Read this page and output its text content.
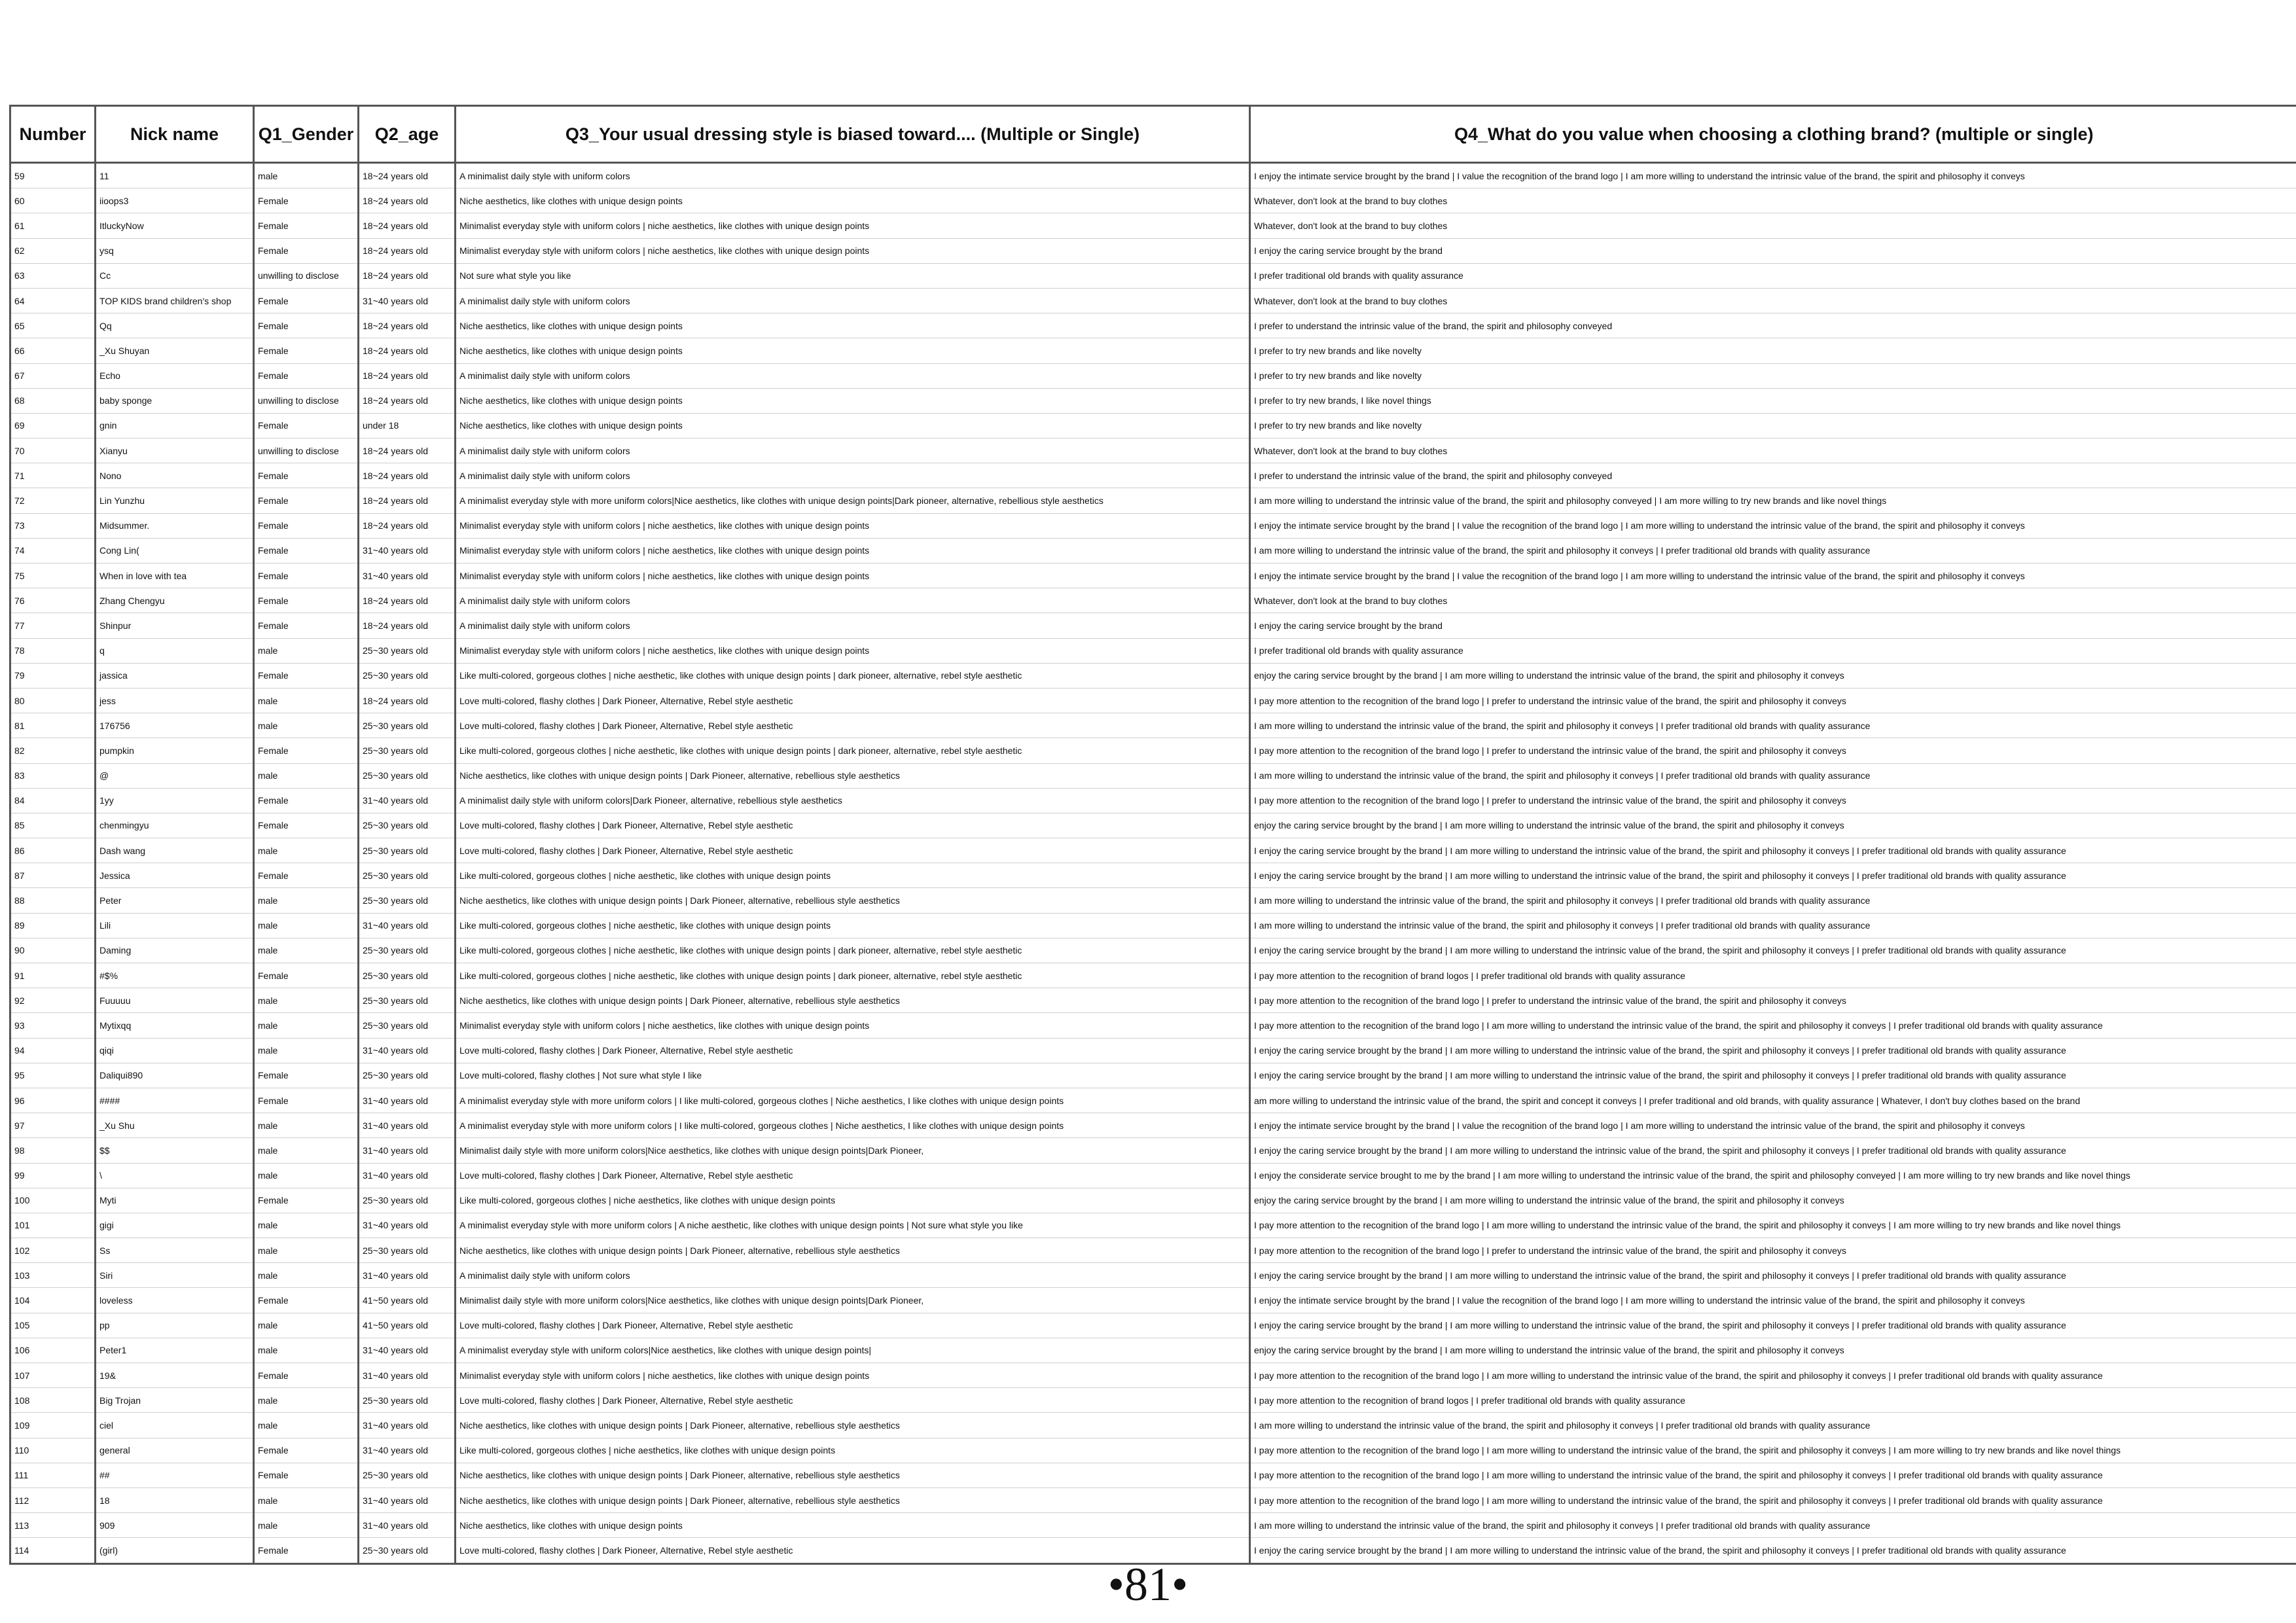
Number	Nick name	Q1_Gender	Q2_age	Q3_Your usual dressing style is biased toward.... (Multiple or Single)	Q4_What do you value when choosing a clothing brand? (multiple or single)
59	11	male	18~24 years old	A minimalist daily style with uniform colors	I enjoy the intimate service brought by the brand | I value the recognition of the brand logo | I am more willing to understand the intrinsic value of the brand, the spirit and philosophy it conveys
60	iioops3	Female	18~24 years old	Niche aesthetics, like clothes with unique design points	Whatever, don't look at the brand to buy clothes
61	ItluckyNow	Female	18~24 years old	Minimalist everyday style with uniform colors | niche aesthetics, like clothes with unique design points	Whatever, don't look at the brand to buy clothes
62	ysq	Female	18~24 years old	Minimalist everyday style with uniform colors | niche aesthetics, like clothes with unique design points	I enjoy the caring service brought by the brand
63	Cc	unwilling to disclose	18~24 years old	Not sure what style you like	I prefer traditional old brands with quality assurance
64	TOP KIDS brand children's shop	Female	31~40 years old	A minimalist daily style with uniform colors	Whatever, don't look at the brand to buy clothes
65	Qq	Female	18~24 years old	Niche aesthetics, like clothes with unique design points	I prefer to understand the intrinsic value of the brand, the spirit and philosophy conveyed
66	_Xu Shuyan	Female	18~24 years old	Niche aesthetics, like clothes with unique design points	I prefer to try new brands and like novelty
67	Echo	Female	18~24 years old	A minimalist daily style with uniform colors	I prefer to try new brands and like novelty
68	baby sponge	unwilling to disclose	18~24 years old	Niche aesthetics, like clothes with unique design points	I prefer to try new brands, I like novel things
69	gnin	Female	under 18	Niche aesthetics, like clothes with unique design points	I prefer to try new brands and like novelty
70	Xianyu	unwilling to disclose	18~24 years old	A minimalist daily style with uniform colors	Whatever, don't look at the brand to buy clothes
71	Nono	Female	18~24 years old	A minimalist daily style with uniform colors	I prefer to understand the intrinsic value of the brand, the spirit and philosophy conveyed
72	Lin Yunzhu	Female	18~24 years old	A minimalist everyday style with more uniform colors|Nice aesthetics, like clothes with unique design points|Dark pioneer, alternative, rebellious style aesthetics	I am more willing to understand the intrinsic value of the brand, the spirit and philosophy conveyed | I am more willing to try new brands and like novel things
73	Midsummer.	Female	18~24 years old	Minimalist everyday style with uniform colors | niche aesthetics, like clothes with unique design points	I enjoy the intimate service brought by the brand | I value the recognition of the brand logo | I am more willing to understand the intrinsic value of the brand, the spirit and philosophy it conveys
74	Cong Lin(	Female	31~40 years old	Minimalist everyday style with uniform colors | niche aesthetics, like clothes with unique design points	I am more willing to understand the intrinsic value of the brand, the spirit and philosophy it conveys | I prefer traditional old brands with quality assurance
75	When in love with tea	Female	31~40 years old	Minimalist everyday style with uniform colors | niche aesthetics, like clothes with unique design points	I enjoy the intimate service brought by the brand | I value the recognition of the brand logo | I am more willing to understand the intrinsic value of the brand, the spirit and philosophy it conveys
76	Zhang Chengyu	Female	18~24 years old	A minimalist daily style with uniform colors	Whatever, don't look at the brand to buy clothes
77	Shinpur	Female	18~24 years old	A minimalist daily style with uniform colors	I enjoy the caring service brought by the brand
78	q	male	25~30 years old	Minimalist everyday style with uniform colors | niche aesthetics, like clothes with unique design points	I prefer traditional old brands with quality assurance
79	jassica	Female	25~30 years old	Like multi-colored, gorgeous clothes | niche aesthetic, like clothes with unique design points | dark pioneer, alternative, rebel style aesthetic	enjoy the caring service brought by the brand | I am more willing to understand the intrinsic value of the brand, the spirit and philosophy it conveys
80	jess	male	18~24 years old	Love multi-colored, flashy clothes | Dark Pioneer, Alternative, Rebel style aesthetic	I pay more attention to the recognition of the brand logo | I prefer to understand the intrinsic value of the brand, the spirit and philosophy it conveys
81	176756	male	25~30 years old	Love multi-colored, flashy clothes | Dark Pioneer, Alternative, Rebel style aesthetic	I am more willing to understand the intrinsic value of the brand, the spirit and philosophy it conveys | I prefer traditional old brands with quality assurance
82	pumpkin	Female	25~30 years old	Like multi-colored, gorgeous clothes | niche aesthetic, like clothes with unique design points | dark pioneer, alternative, rebel style aesthetic	I pay more attention to the recognition of the brand logo | I prefer to understand the intrinsic value of the brand, the spirit and philosophy it conveys
83	@	male	25~30 years old	Niche aesthetics, like clothes with unique design points | Dark Pioneer, alternative, rebellious style aesthetics	I am more willing to understand the intrinsic value of the brand, the spirit and philosophy it conveys | I prefer traditional old brands with quality assurance
84	1yy	Female	31~40 years old	A minimalist daily style with uniform colors|Dark Pioneer, alternative, rebellious style aesthetics	I pay more attention to the recognition of the brand logo | I prefer to understand the intrinsic value of the brand, the spirit and philosophy it conveys
85	chenmingyu	Female	25~30 years old	Love multi-colored, flashy clothes | Dark Pioneer, Alternative, Rebel style aesthetic	enjoy the caring service brought by the brand | I am more willing to understand the intrinsic value of the brand, the spirit and philosophy it conveys
86	Dash wang	male	25~30 years old	Love multi-colored, flashy clothes | Dark Pioneer, Alternative, Rebel style aesthetic	I enjoy the caring service brought by the brand | I am more willing to understand the intrinsic value of the brand, the spirit and philosophy it conveys | I prefer traditional old brands with quality assurance
87	Jessica	Female	25~30 years old	Like multi-colored, gorgeous clothes | niche aesthetic, like clothes with unique design points	I enjoy the caring service brought by the brand | I am more willing to understand the intrinsic value of the brand, the spirit and philosophy it conveys | I prefer traditional old brands with quality assurance
88	Peter	male	25~30 years old	Niche aesthetics, like clothes with unique design points | Dark Pioneer, alternative, rebellious style aesthetics	I am more willing to understand the intrinsic value of the brand, the spirit and philosophy it conveys | I prefer traditional old brands with quality assurance
89	Lili	male	31~40 years old	Like multi-colored, gorgeous clothes | niche aesthetic, like clothes with unique design points	I am more willing to understand the intrinsic value of the brand, the spirit and philosophy it conveys | I prefer traditional old brands with quality assurance
90	Daming	male	25~30 years old	Like multi-colored, gorgeous clothes | niche aesthetic, like clothes with unique design points | dark pioneer, alternative, rebel style aesthetic	I enjoy the caring service brought by the brand | I am more willing to understand the intrinsic value of the brand, the spirit and philosophy it conveys | I prefer traditional old brands with quality assurance
91	#$%	Female	25~30 years old	Like multi-colored, gorgeous clothes | niche aesthetic, like clothes with unique design points | dark pioneer, alternative, rebel style aesthetic	I pay more attention to the recognition of brand logos | I prefer traditional old brands with quality assurance
92	Fuuuuu	male	25~30 years old	Niche aesthetics, like clothes with unique design points | Dark Pioneer, alternative, rebellious style aesthetics	I pay more attention to the recognition of the brand logo | I prefer to understand the intrinsic value of the brand, the spirit and philosophy it conveys
93	Mytixqq	male	25~30 years old	Minimalist everyday style with uniform colors | niche aesthetics, like clothes with unique design points	I pay more attention to the recognition of the brand logo | I am more willing to understand the intrinsic value of the brand, the spirit and philosophy it conveys | I prefer traditional old brands with quality assurance
94	qiqi	male	31~40 years old	Love multi-colored, flashy clothes | Dark Pioneer, Alternative, Rebel style aesthetic	I enjoy the caring service brought by the brand | I am more willing to understand the intrinsic value of the brand, the spirit and philosophy it conveys | I prefer traditional old brands with quality assurance
95	Daliqui890	Female	25~30 years old	Love multi-colored, flashy clothes | Not sure what style I like	I enjoy the caring service brought by the brand | I am more willing to understand the intrinsic value of the brand, the spirit and philosophy it conveys | I prefer traditional old brands with quality assurance
96	####	Female	31~40 years old	A minimalist everyday style with more uniform colors | I like multi-colored, gorgeous clothes | Niche aesthetics, I like clothes with unique design points	am more willing to understand the intrinsic value of the brand, the spirit and concept it conveys | I prefer traditional and old brands, with quality assurance | Whatever, I don't buy clothes based on the brand
97	_Xu Shu	male	31~40 years old	A minimalist everyday style with more uniform colors | I like multi-colored, gorgeous clothes | Niche aesthetics, I like clothes with unique design points	I enjoy the intimate service brought by the brand | I value the recognition of the brand logo | I am more willing to understand the intrinsic value of the brand, the spirit and philosophy it conveys
98	$$	male	31~40 years old	Minimalist daily style with more uniform colors|Nice aesthetics, like clothes with unique design points|Dark Pioneer,	I enjoy the caring service brought by the brand | I am more willing to understand the intrinsic value of the brand, the spirit and philosophy it conveys | I prefer traditional old brands with quality assurance
99	\	male	31~40 years old	Love multi-colored, flashy clothes | Dark Pioneer, Alternative, Rebel style aesthetic	I enjoy the considerate service brought to me by the brand | I am more willing to understand the intrinsic value of the brand, the spirit and philosophy conveyed | I am more willing to try new brands and like novel things
100	Myti	Female	25~30 years old	Like multi-colored, gorgeous clothes | niche aesthetics, like clothes with unique design points	enjoy the caring service brought by the brand | I am more willing to understand the intrinsic value of the brand, the spirit and philosophy it conveys
101	gigi	male	31~40 years old	A minimalist everyday style with more uniform colors | A niche aesthetic, like clothes with unique design points | Not sure what style you like	I pay more attention to the recognition of the brand logo | I am more willing to understand the intrinsic value of the brand, the spirit and philosophy it conveys | I am more willing to try new brands and like novel things
102	Ss	male	25~30 years old	Niche aesthetics, like clothes with unique design points | Dark Pioneer, alternative, rebellious style aesthetics	I pay more attention to the recognition of the brand logo | I prefer to understand the intrinsic value of the brand, the spirit and philosophy it conveys
103	Siri	male	31~40 years old	A minimalist daily style with uniform colors	I enjoy the caring service brought by the brand | I am more willing to understand the intrinsic value of the brand, the spirit and philosophy it conveys | I prefer traditional old brands with quality assurance
104	loveless	Female	41~50 years old	Minimalist daily style with more uniform colors|Nice aesthetics, like clothes with unique design points|Dark Pioneer,	I enjoy the intimate service brought by the brand | I value the recognition of the brand logo | I am more willing to understand the intrinsic value of the brand, the spirit and philosophy it conveys
105	pp	male	41~50 years old	Love multi-colored, flashy clothes | Dark Pioneer, Alternative, Rebel style aesthetic	I enjoy the caring service brought by the brand | I am more willing to understand the intrinsic value of the brand, the spirit and philosophy it conveys | I prefer traditional old brands with quality assurance
106	Peter1	male	31~40 years old	A minimalist everyday style with uniform colors|Nice aesthetics, like clothes with unique design points|	enjoy the caring service brought by the brand | I am more willing to understand the intrinsic value of the brand, the spirit and philosophy it conveys
107	19&	Female	31~40 years old	Minimalist everyday style with uniform colors | niche aesthetics, like clothes with unique design points	I pay more attention to the recognition of the brand logo | I am more willing to understand the intrinsic value of the brand, the spirit and philosophy it conveys | I prefer traditional old brands with quality assurance
108	Big Trojan	male	25~30 years old	Love multi-colored, flashy clothes | Dark Pioneer, Alternative, Rebel style aesthetic	I pay more attention to the recognition of brand logos | I prefer traditional old brands with quality assurance
109	ciel	male	31~40 years old	Niche aesthetics, like clothes with unique design points | Dark Pioneer, alternative, rebellious style aesthetics	I am more willing to understand the intrinsic value of the brand, the spirit and philosophy it conveys | I prefer traditional old brands with quality assurance
110	general	Female	31~40 years old	Like multi-colored, gorgeous clothes | niche aesthetics, like clothes with unique design points	I pay more attention to the recognition of the brand logo | I am more willing to understand the intrinsic value of the brand, the spirit and philosophy it conveys | I am more willing to try new brands and like novel things
111	##	Female	25~30 years old	Niche aesthetics, like clothes with unique design points | Dark Pioneer, alternative, rebellious style aesthetics	I pay more attention to the recognition of the brand logo | I am more willing to understand the intrinsic value of the brand, the spirit and philosophy it conveys | I prefer traditional old brands with quality assurance
112	18	male	31~40 years old	Niche aesthetics, like clothes with unique design points | Dark Pioneer, alternative, rebellious style aesthetics	I pay more attention to the recognition of the brand logo | I am more willing to understand the intrinsic value of the brand, the spirit and philosophy it conveys | I prefer traditional old brands with quality assurance
113	909	male	31~40 years old	Niche aesthetics, like clothes with unique design points	I am more willing to understand the intrinsic value of the brand, the spirit and philosophy it conveys | I prefer traditional old brands with quality assurance
114	(girl)	Female	25~30 years old	Love multi-colored, flashy clothes | Dark Pioneer, Alternative, Rebel style aesthetic	I enjoy the caring service brought by the brand | I am more willing to understand the intrinsic value of the brand, the spirit and philosophy it conveys | I prefer traditional old brands with quality assurance
•81•
